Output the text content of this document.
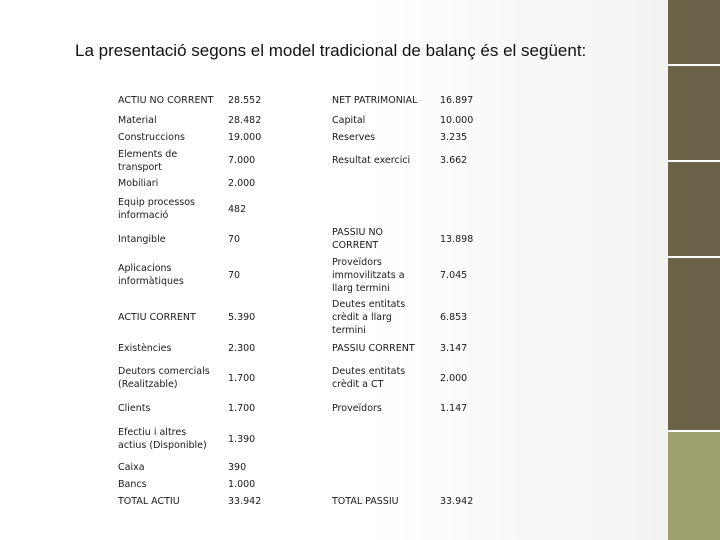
La presentació segons el model tradicional de balanç és el següent:
ACTIU NO CORRENT	28.552	NET PATRIMONIAL	16.897
Material	28.482	Capital	10.000
Construccions	19.000	Reserves	3.235
Elements de transport	7.000	Resultat exercici	3.662
Mobiliari	2.000		
Equip processos informació	482		
Intangible	70	PASSIU NO CORRENT	13.898
Aplicacions informàtiques	70	Proveïdors immovilitzats a llarg termini	7.045
ACTIU CORRENT	5.390	Deutes entitats crèdit a llarg termini	6.853
Existències	2.300	PASSIU CORRENT	3.147
Deutors comercials (Realitzable)	1.700	Deutes entitats crèdit a CT	2.000
Clients	1.700	Proveïdors	1.147
Efectiu i altres actius (Disponible)	1.390		
Caixa	390		
Bancs	1.000		
TOTAL ACTIU	33.942	TOTAL PASSIU	33.942
